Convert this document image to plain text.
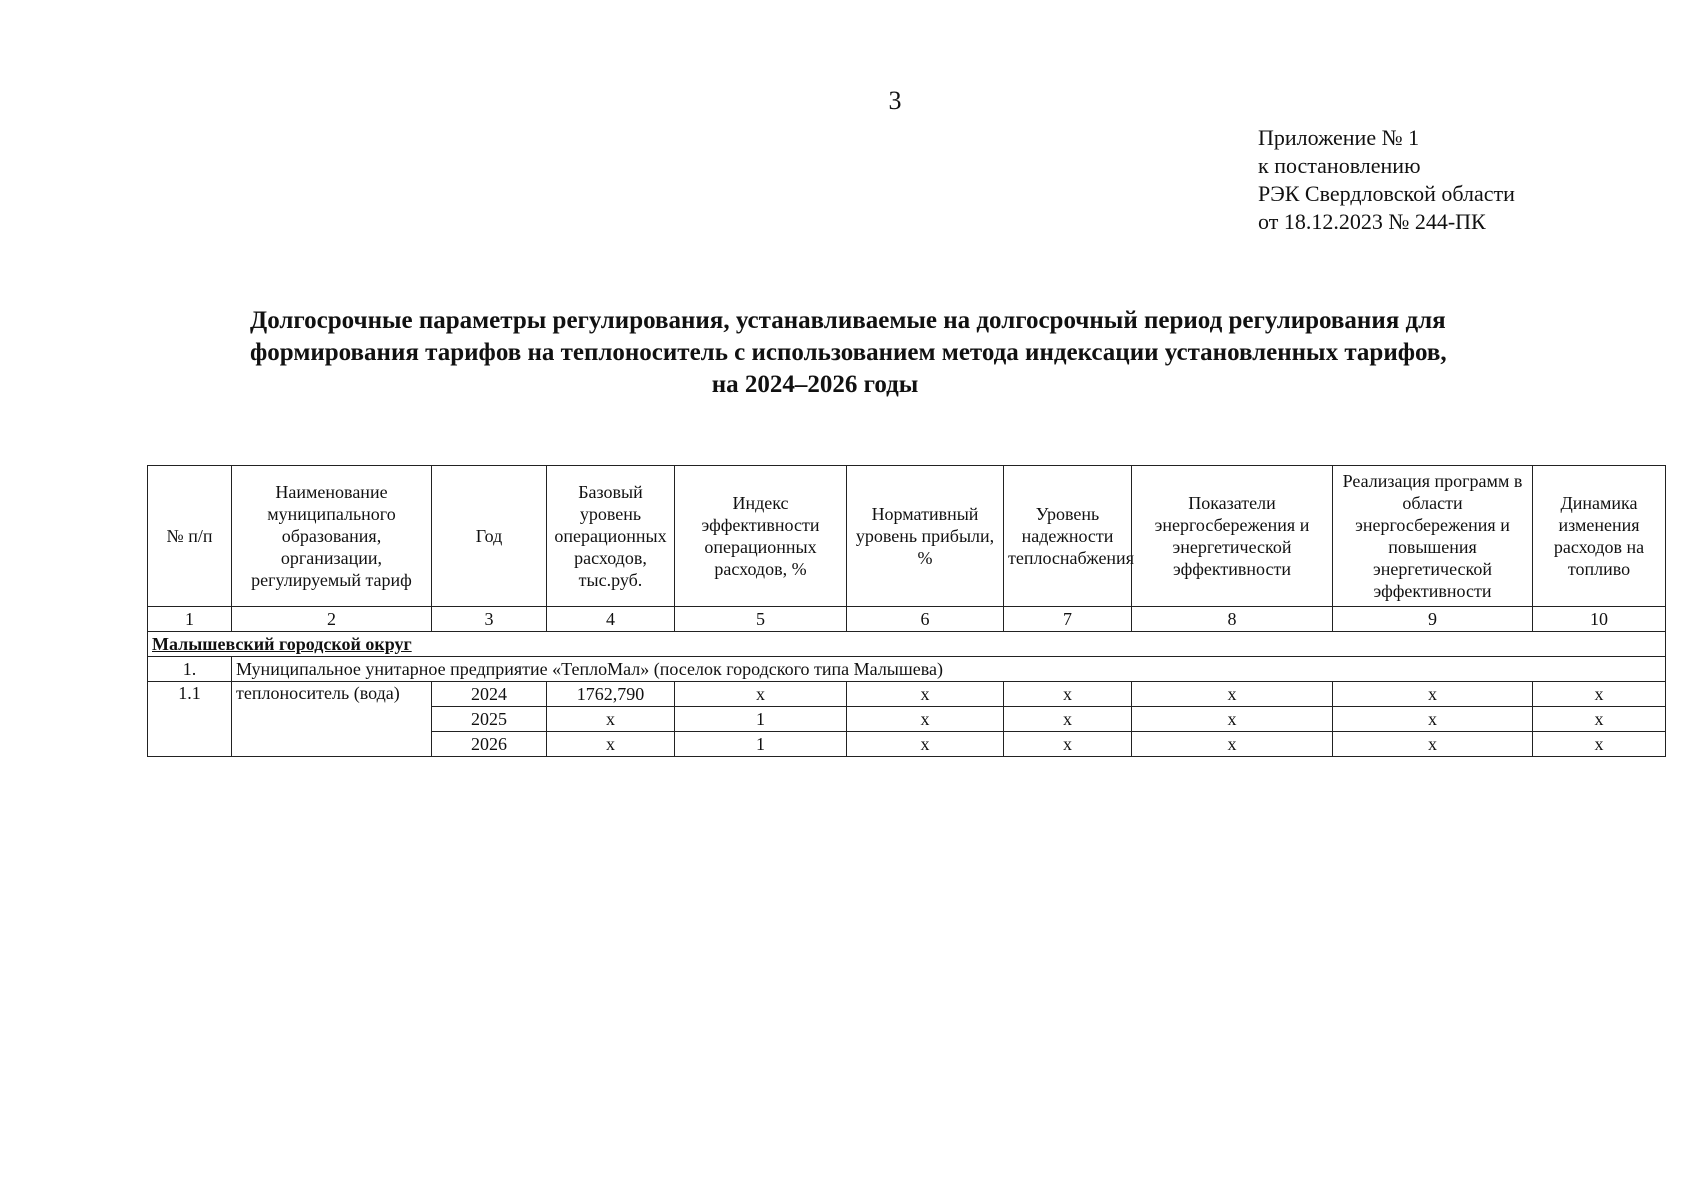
3
Приложение № 1
к постановлению
РЭК Свердловской области
от 18.12.2023 № 244-ПК
Долгосрочные параметры регулирования, устанавливаемые на долгосрочный период регулирования для
формирования тарифов на теплоноситель с использованием метода индексации установленных тарифов,
на 2024–2026 годы
№ п/п	Наименование муниципального образования, организации, регулируемый тариф	Год	Базовый уровень операционных расходов, тыс.руб.	Индекс эффективности операционных расходов, %	Нормативный уровень прибыли, %	Уровень надежности теплоснабжения	Показатели энергосбережения и энергетической эффективности	Реализация программ в области энергосбережения и повышения энергетической эффективности	Динамика изменения расходов на топливо
1	2	3	4	5	6	7	8	9	10
Малышевский городской округ									
1.	Муниципальное унитарное предприятие «ТеплоМал» (поселок городского типа Малышева)								
1.1	теплоноситель (вода)	2024	1762,790	х	х	х	х	х	х
		2025	х	1	х	х	х	х	х
		2026	х	1	х	х	х	х	х
